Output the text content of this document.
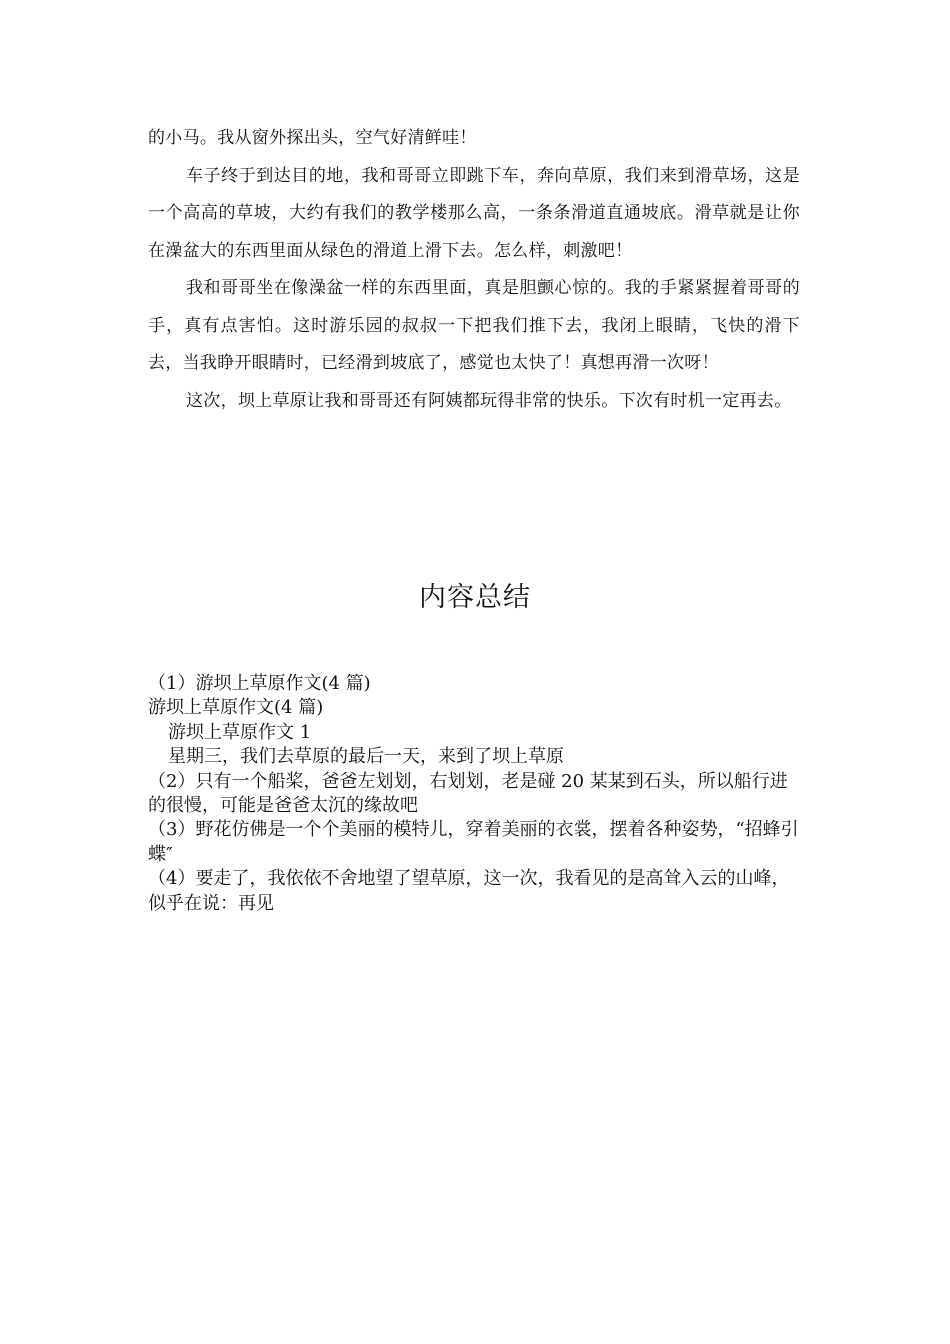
的小马。我从窗外探出头，空气好清鲜哇！

车子终于到达目的地，我和哥哥立即跳下车，奔向草原，我们来到滑草场，这是一个高高的草坡，大约有我们的教学楼那么高，一条条滑道直通坡底。滑草就是让你在澡盆大的东西里面从绿色的滑道上滑下去。怎么样，刺激吧！

我和哥哥坐在像澡盆一样的东西里面，真是胆颤心惊的。我的手紧紧握着哥哥的手，真有点害怕。这时游乐园的叔叔一下把我们推下去，我闭上眼睛，飞快的滑下去，当我睁开眼睛时，已经滑到坡底了，感觉也太快了！真想再滑一次呀！

这次，坝上草原让我和哥哥还有阿姨都玩得非常的快乐。下次有时机一定再去。

内容总结
（1）游坝上草原作文(4 篇)
游坝上草原作文(4 篇)
游坝上草原作文 1
星期三，我们去草原的最后一天，来到了坝上草原
（2）只有一个船桨，爸爸左划划，右划划，老是碰 20 某某到石头，所以船行进的很慢，可能是爸爸太沉的缘故吧
（3）野花仿佛是一个个美丽的模特儿，穿着美丽的衣裳，摆着各种姿势，“招蜂引蝶″
（4）要走了，我依依不舍地望了望草原，这一次，我看见的是高耸入云的山峰，似乎在说：再见
